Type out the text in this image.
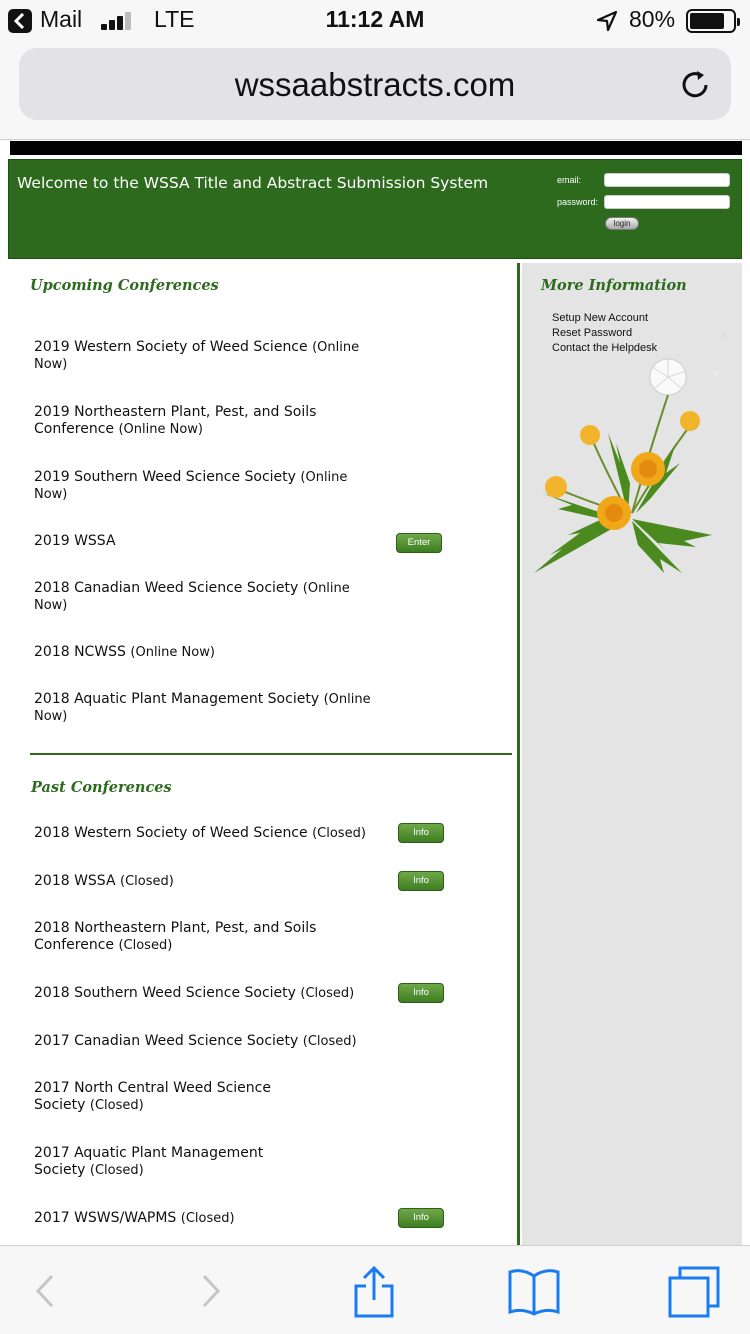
Mail	LTE	11:12 AM	80%
wssaabstracts.com
Welcome to the WSSA Title and Abstract Submission System	email:
password:
login
Upcoming Conferences
2019 Western Society of Weed Science (Online Now)
2019 Northeastern Plant, Pest, and Soils Conference (Online Now)
2019 Southern Weed Science Society (Online Now)
2019 WSSA	Enter
2018 Canadian Weed Science Society (Online Now)
2018 NCWSS (Online Now)
2018 Aquatic Plant Management Society (Online Now)
Past Conferences
2018 Western Society of Weed Science (Closed)	Info
2018 WSSA (Closed)	Info
2018 Northeastern Plant, Pest, and Soils Conference (Closed)
2018 Southern Weed Science Society (Closed)	Info
2017 Canadian Weed Science Society (Closed)
2017 North Central Weed Science Society (Closed)
2017 Aquatic Plant Management Society (Closed)
2017 WSWS/WAPMS (Closed)	Info
More Information
Setup New Account
Reset Password
Contact the Helpdesk
